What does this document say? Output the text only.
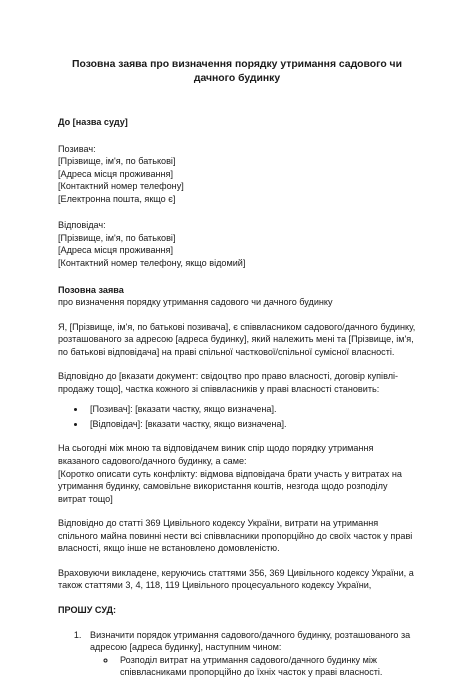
Позовна заява про визначення порядку утримання садового чи дачного будинку
До [назва суду]
Позивач:
[Прізвище, ім'я, по батькові]
[Адреса місця проживання]
[Контактний номер телефону]
[Електронна пошта, якщо є]
Відповідач:
[Прізвище, ім'я, по батькові]
[Адреса місця проживання]
[Контактний номер телефону, якщо відомий]
Позовна заява
про визначення порядку утримання садового чи дачного будинку

Я, [Прізвище, ім'я, по батькові позивача], є співвласником садового/дачного будинку, розташованого за адресою [адреса будинку], який належить мені та [Прізвище, ім'я, по батькові відповідача] на праві спільної часткової/спільної сумісної власності.

Відповідно до [вказати документ: свідоцтво про право власності, договір купівлі-продажу тощо], частка кожного зі співвласників у праві власності становить:

• [Позивач]: [вказати частку, якщо визначена].
• [Відповідач]: [вказати частку, якщо визначена].

На сьогодні між мною та відповідачем виник спір щодо порядку утримання вказаного садового/дачного будинку, а саме:
[Коротко описати суть конфлікту: відмова відповідача брати участь у витратах на утримання будинку, самовільне використання коштів, незгода щодо розподілу витрат тощо]

Відповідно до статті 369 Цивільного кодексу України, витрати на утримання спільного майна повинні нести всі співвласники пропорційно до своїх часток у праві власності, якщо інше не встановлено домовленістю.

Враховуючи викладене, керуючись статтями 356, 369 Цивільного кодексу України, а також статтями 3, 4, 118, 119 Цивільного процесуального кодексу України,

ПРОШУ СУД:
1. Визначити порядок утримання садового/дачного будинку, розташованого за адресою [адреса будинку], наступним чином:
◦ Розподіл витрат на утримання садового/дачного будинку між співвласниками пропорційно до їхніх часток у праві власності.
